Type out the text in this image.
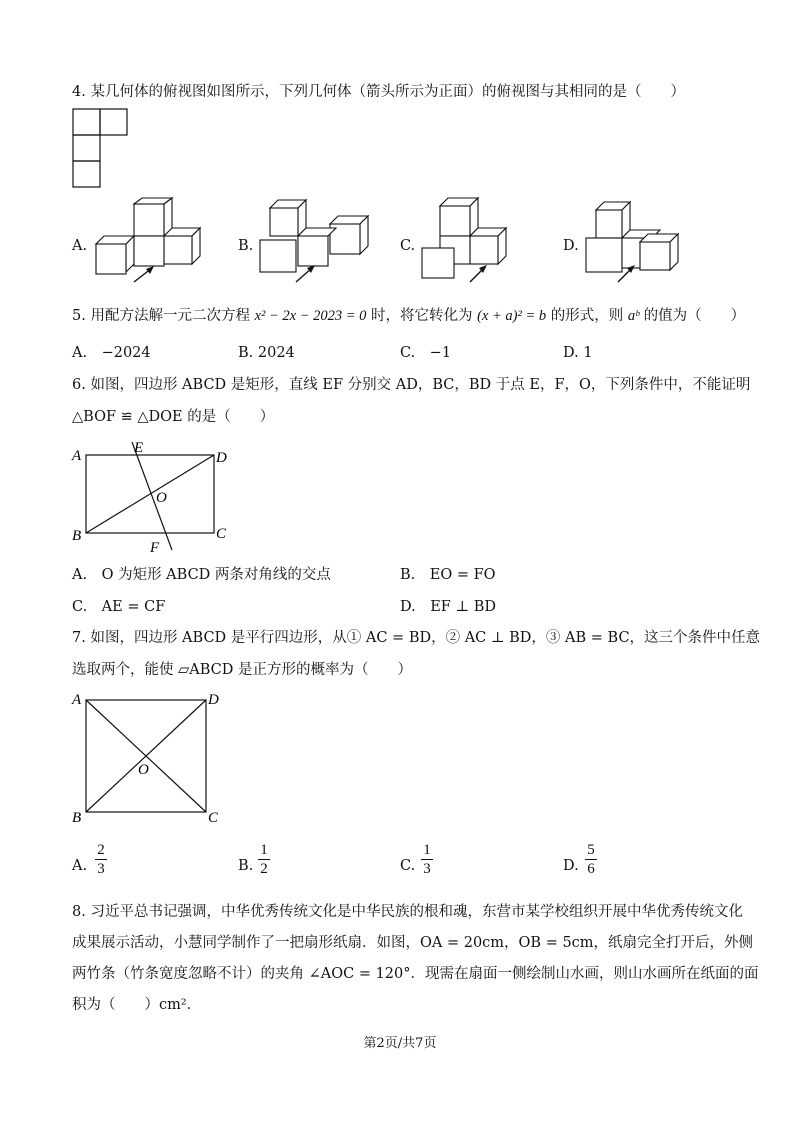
4. 某几何体的俯视图如图所示，下列几何体（箭头所示为正面）的俯视图与其相同的是（　　）
A.	B.	C.	D.
5. 用配方法解一元二次方程 x² − 2x − 2023 = 0 时，将它转化为 (x + a)² = b 的形式，则 aᵇ 的值为（　　）
A.　−2024	B. 2024	C.　−1	D. 1
6. 如图，四边形 ABCD 是矩形，直线 EF 分别交 AD，BC，BD 于点 E，F，O，下列条件中，不能证明
△BOF ≌ △DOE 的是（　　）
A	E
D
O
B	C
F
A.　O 为矩形 ABCD 两条对角线的交点	B.　EO = FO
C.　AE = CF	D.　EF ⊥ BD
7. 如图，四边形 ABCD 是平行四边形，从① AC = BD，② AC ⊥ BD，③ AB = BC，这三个条件中任意
选取两个，能使 ▱ABCD 是正方形的概率为（　　）
A	D
O
B	C
A.
2
3	B.
1
2	C.
1
3	D.
5
6
8. 习近平总书记强调，中华优秀传统文化是中华民族的根和魂，东营市某学校组织开展中华优秀传统文化
成果展示活动，小慧同学制作了一把扇形纸扇．如图，OA = 20cm，OB = 5cm，纸扇完全打开后，外侧
两竹条（竹条宽度忽略不计）的夹角 ∠AOC = 120°．现需在扇面一侧绘制山水画，则山水画所在纸面的面
积为（　　）cm²．
第2页/共7页
